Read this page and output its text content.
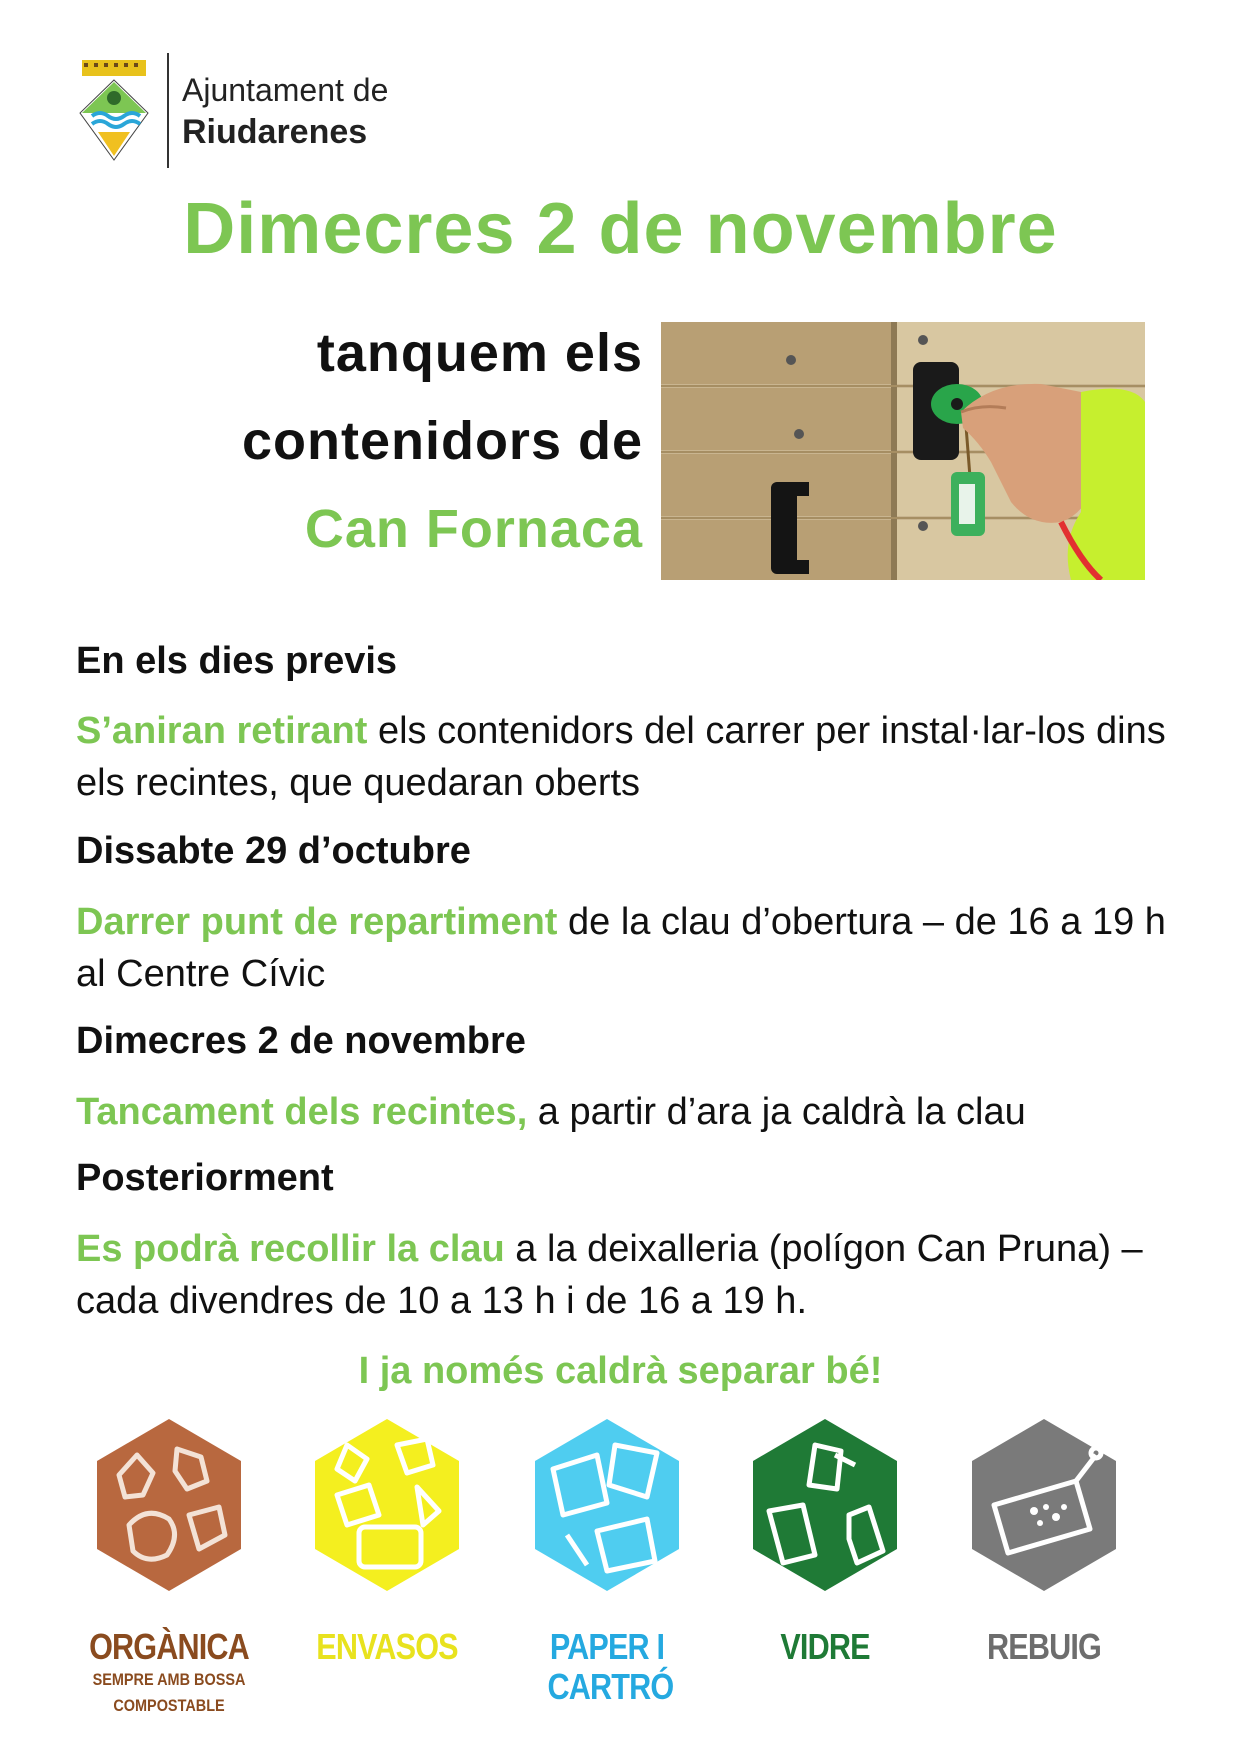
Ajuntament de
Riudarenes
Dimecres 2 de novembre
tanquem els
contenidors de
Can Fornaca
En els dies previs
S’aniran retirant els contenidors del carrer per instal·lar-los dins els recintes, que quedaran oberts
Dissabte 29 d’octubre
Darrer punt de repartiment de la clau d’obertura – de 16 a 19 h al Centre Cívic
Dimecres 2 de novembre
Tancament dels recintes, a partir d’ara ja caldrà la clau
Posteriorment
Es podrà recollir la clau a la deixalleria (polígon Can Pruna) – cada divendres de 10 a 13 h i de 16 a 19 h.
I ja només caldrà separar bé!
ORGÀNICA
SEMPRE AMB BOSSA COMPOSTABLE
ENVASOS	PAPER I CARTRÓ
VIDRE	REBUIG
